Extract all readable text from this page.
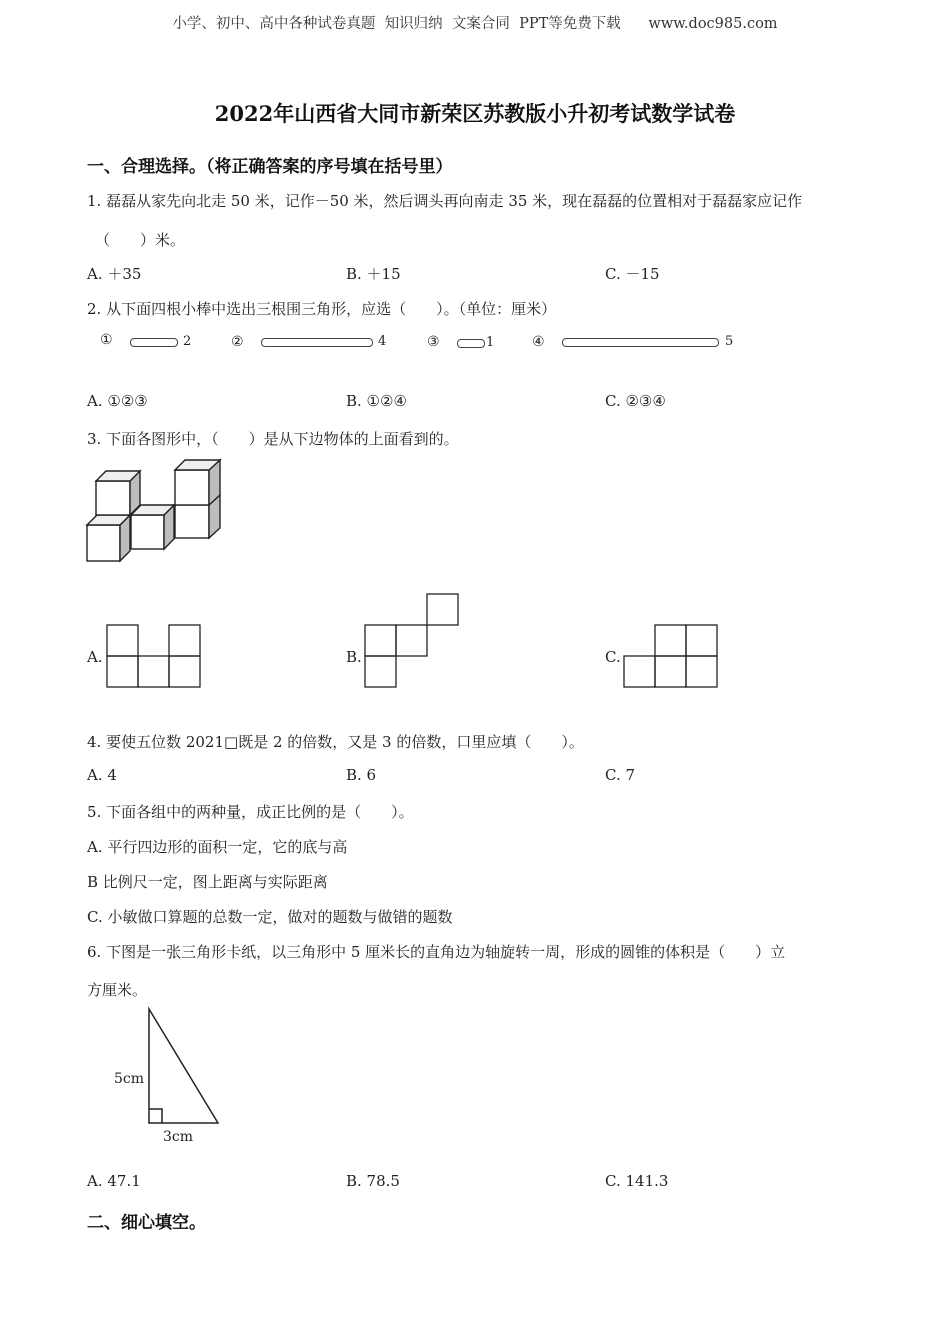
小学、初中、高中各种试卷真题  知识归纳  文案合同  PPT等免费下载      www.doc985.com
2022年山西省大同市新荣区苏教版小升初考试数学试卷
一、合理选择。（将正确答案的序号填在括号里）
1. 磊磊从家先向北走 50 米，记作－50 米，然后调头再向南走 35 米，现在磊磊的位置相对于磊磊家应记作
（　　）米。
A. ＋35	B. ＋15	C. －15
2. 从下面四根小棒中选出三根围三角形，应选（　　）。（单位：厘米）
①	2	②	4	③	1	④	5
A. ①②③	B. ①②④	C. ②③④
3. 下面各图形中，（　　）是从下边物体的上面看到的。
A.	B.	C.
4. 要使五位数 2021□既是 2 的倍数，又是 3 的倍数，口里应填（　　）。
A. 4	B. 6	C. 7
5. 下面各组中的两种量，成正比例的是（　　）。
A. 平行四边形的面积一定，它的底与高
B 比例尺一定，图上距离与实际距离
C. 小敏做口算题的总数一定，做对的题数与做错的题数
6. 下图是一张三角形卡纸，以三角形中 5 厘米长的直角边为轴旋转一周，形成的圆锥的体积是（　　）立
方厘米。
5cm
3cm
A. 47.1	B. 78.5	C. 141.3
二、细心填空。
